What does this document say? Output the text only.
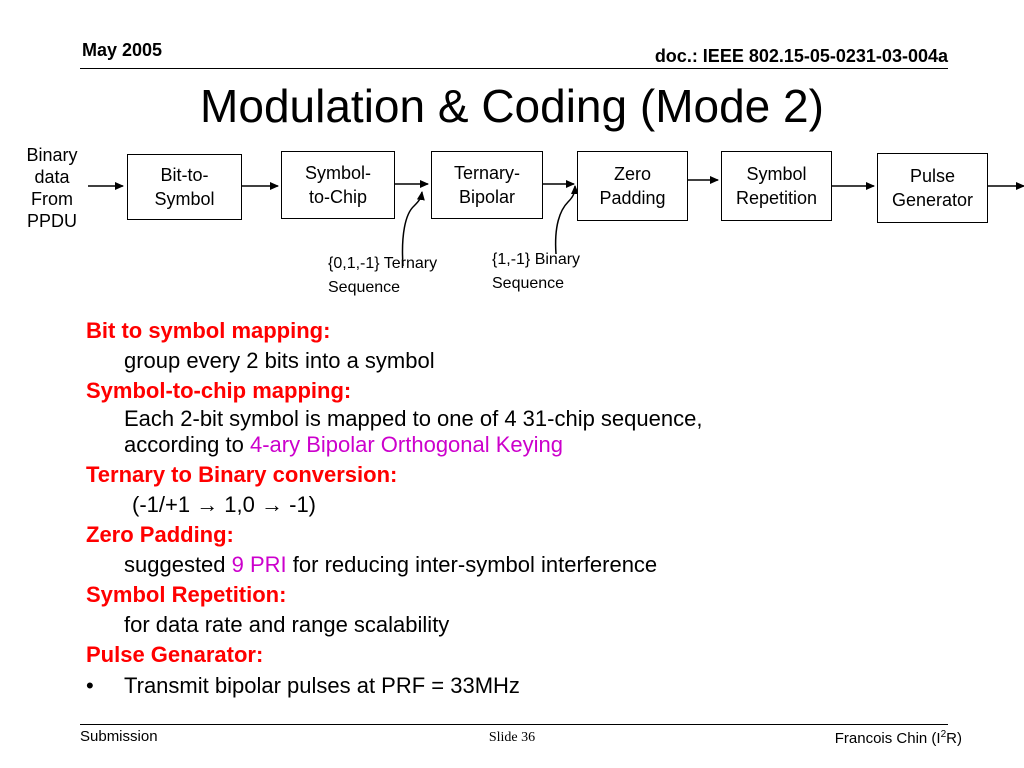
May 2005	doc.: IEEE 802.15-05-0231-03-004a
Modulation & Coding (Mode 2)
Binary
data
From
PPDU
Bit-to-
Symbol
Symbol-
to-Chip
Ternary-
Bipolar
Zero
Padding
Symbol
Repetition
Pulse
Generator
{0,1,-1} Ternary
Sequence
{1,-1} Binary
Sequence
Bit to symbol mapping:
group every 2 bits into a symbol
Symbol-to-chip mapping:
Each 2-bit symbol is mapped to one of 4 31-chip sequence,
according to 4-ary Bipolar Orthogonal Keying
Ternary to Binary conversion:
(-1/+1 → 1,0 → -1)
Zero Padding:
suggested 9 PRI for reducing inter-symbol interference
Symbol Repetition:
for data rate and range scalability
Pulse Genarator:
•	Transmit bipolar pulses at PRF = 33MHz
Submission	Slide 36	Francois Chin $(I^2R)$
